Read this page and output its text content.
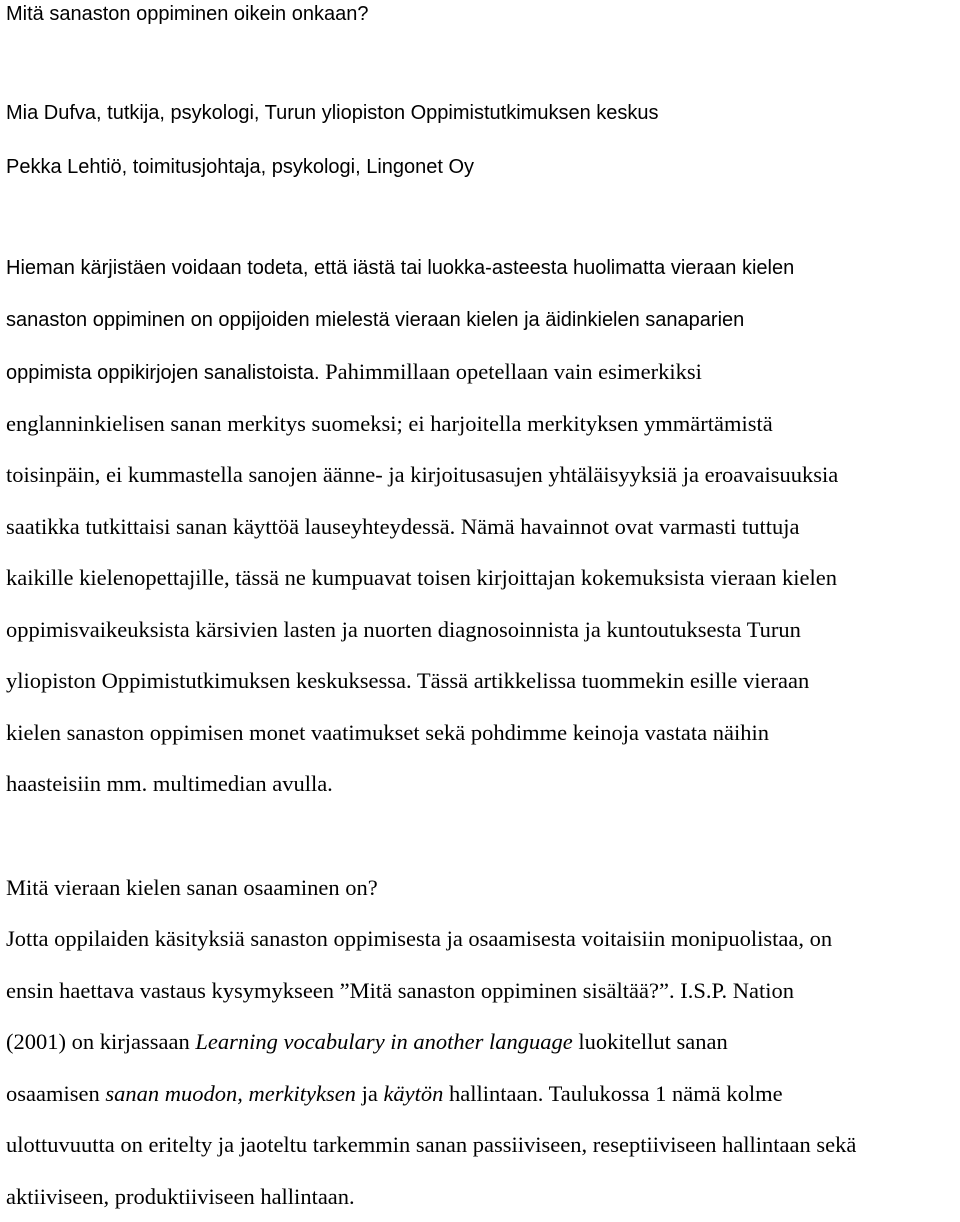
Mitä sanaston oppiminen oikein onkaan?
Mia Dufva, tutkija, psykologi, Turun yliopiston Oppimistutkimuksen keskus
Pekka Lehtiö, toimitusjohtaja, psykologi, Lingonet Oy
Hieman kärjistäen voidaan todeta, että iästä tai luokka-asteesta huolimatta vieraan kielen
sanaston oppiminen on oppijoiden mielestä vieraan kielen ja äidinkielen sanaparien
oppimista oppikirjojen sanalistoista. Pahimmillaan opetellaan vain esimerkiksi
englanninkielisen sanan merkitys suomeksi; ei harjoitella merkityksen ymmärtämistä
toisinpäin, ei kummastella sanojen äänne- ja kirjoitusasujen yhtäläisyyksiä ja eroavaisuuksia
saatikka tutkittaisi sanan käyttöä lauseyhteydessä. Nämä havainnot ovat varmasti tuttuja
kaikille kielenopettajille, tässä ne kumpuavat toisen kirjoittajan kokemuksista vieraan kielen
oppimisvaikeuksista kärsivien lasten ja nuorten diagnosoinnista ja kuntoutuksesta Turun
yliopiston Oppimistutkimuksen keskuksessa. Tässä artikkelissa tuommekin esille vieraan
kielen sanaston oppimisen monet vaatimukset sekä pohdimme keinoja vastata näihin
haasteisiin mm. multimedian avulla.
Mitä vieraan kielen sanan osaaminen on?
Jotta oppilaiden käsityksiä sanaston oppimisesta ja osaamisesta voitaisiin monipuolistaa, on
ensin haettava vastaus kysymykseen ”Mitä sanaston oppiminen sisältää?”. I.S.P. Nation
(2001) on kirjassaan Learning vocabulary in another language luokitellut sanan
osaamisen sanan muodon, merkityksen ja käytön hallintaan. Taulukossa 1 nämä kolme
ulottuvuutta on eritelty ja jaoteltu tarkemmin sanan passiiviseen, reseptiiviseen hallintaan sekä
aktiiviseen, produktiiviseen hallintaan.
